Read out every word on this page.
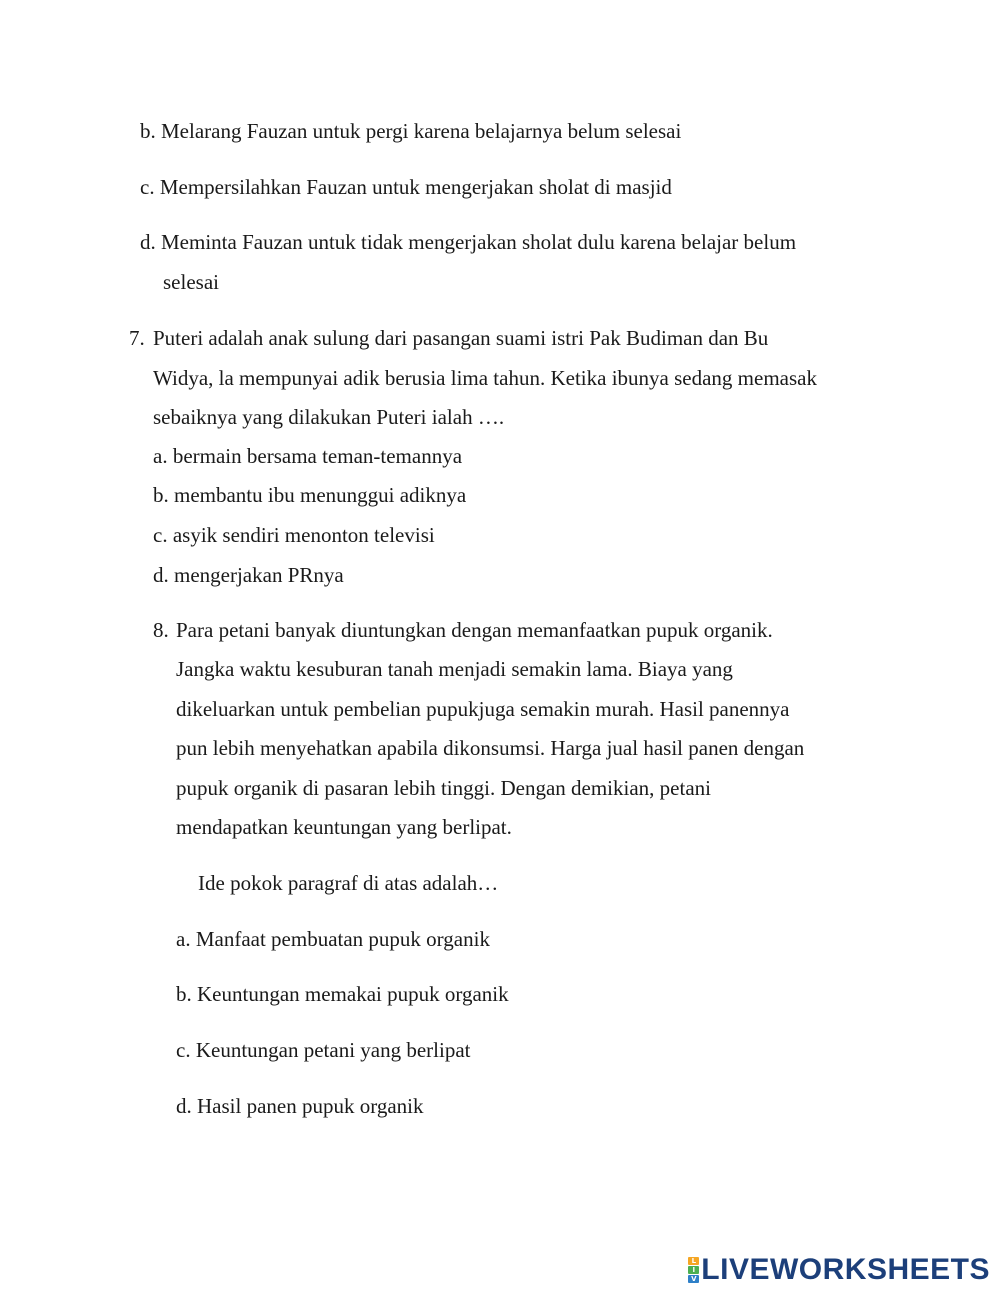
b. Melarang Fauzan untuk pergi karena belajarnya belum selesai
c. Mempersilahkan Fauzan untuk mengerjakan sholat di masjid
d. Meminta Fauzan untuk tidak mengerjakan sholat dulu karena belajar belum
selesai
7. Puteri adalah anak sulung dari pasangan suami istri Pak Budiman dan Bu
Widya, la mempunyai adik berusia lima tahun. Ketika ibunya sedang memasak
sebaiknya yang dilakukan Puteri ialah ….
a. bermain bersama teman-temannya
b. membantu ibu menunggui adiknya
c. asyik sendiri menonton televisi
d. mengerjakan PRnya
8. Para petani banyak diuntungkan dengan memanfaatkan pupuk organik.
Jangka waktu kesuburan tanah menjadi semakin lama. Biaya yang
dikeluarkan untuk pembelian pupukjuga semakin murah. Hasil panennya
pun lebih menyehatkan apabila dikonsumsi. Harga jual hasil panen dengan
pupuk organik di pasaran lebih tinggi. Dengan demikian, petani
mendapatkan keuntungan yang berlipat.
Ide pokok paragraf di atas adalah…
a. Manfaat pembuatan pupuk organik
b. Keuntungan memakai pupuk organik
c. Keuntungan petani yang berlipat
d. Hasil panen pupuk organik
L
I
V LIVEWORKSHEETS
